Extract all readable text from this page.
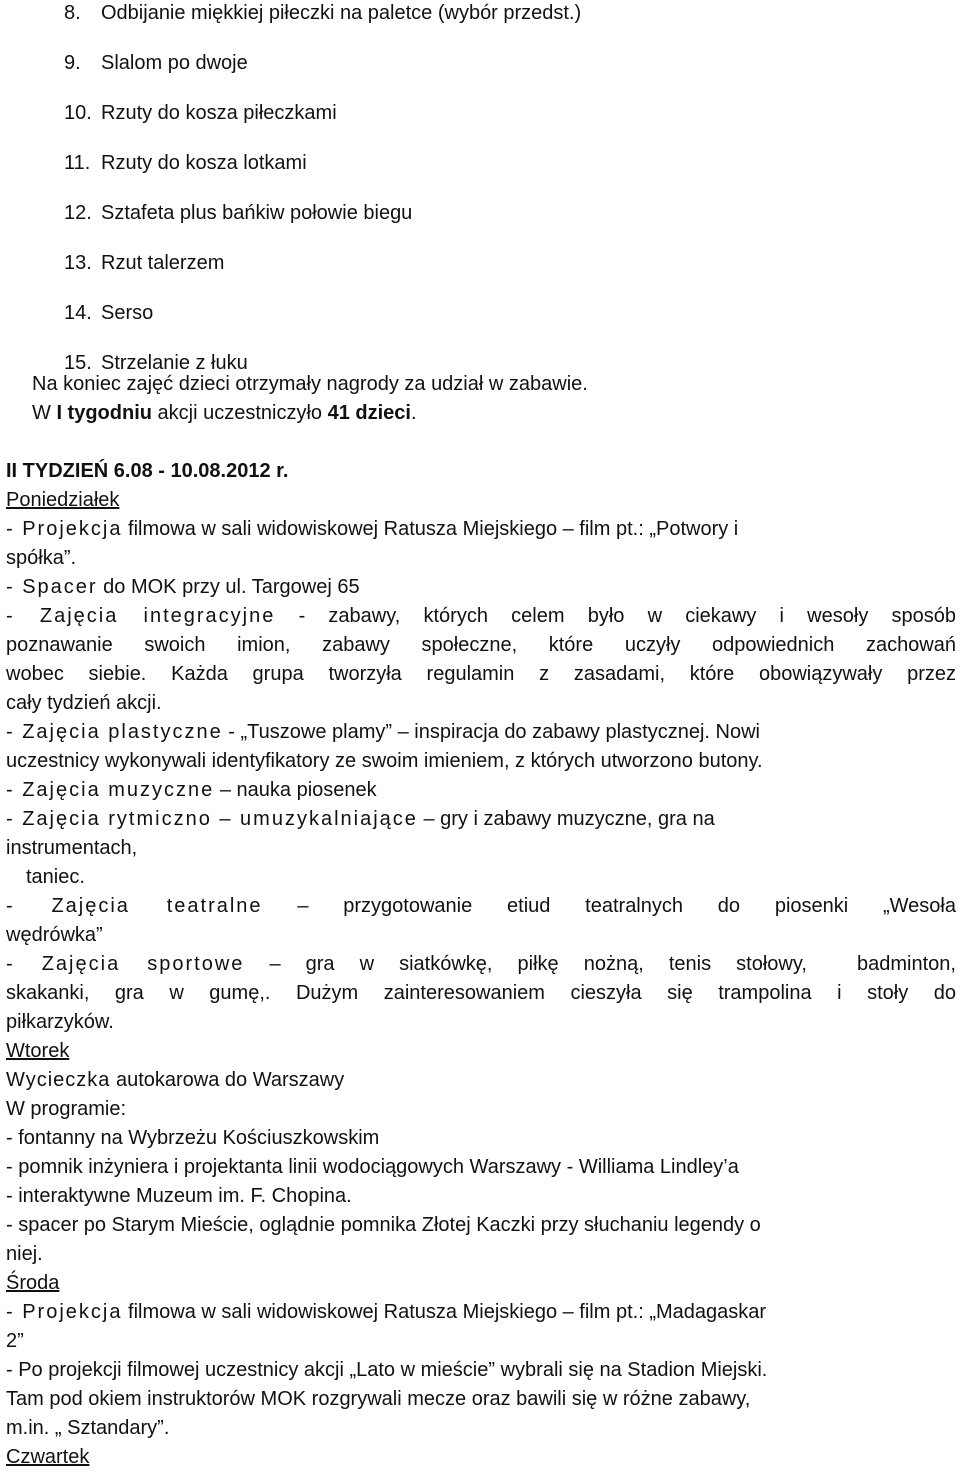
8. Odbijanie miękkiej piłeczki na paletce (wybór przedst.)
9. Slalom po dwoje
10. Rzuty do kosza piłeczkami
11. Rzuty do kosza lotkami
12. Sztafeta plus bańkiw połowie biegu
13. Rzut talerzem
14. Serso
15. Strzelanie z łuku
Na koniec zajęć dzieci otrzymały nagrody za udział w zabawie.
W I tygodniu akcji uczestniczyło 41 dzieci.
II TYDZIEŃ 6.08 - 10.08.2012 r.
Poniedziałek
- Projekcja filmowa w sali widowiskowej Ratusza Miejskiego – film pt.: „Potwory i
spółka”.
- Spacer do MOK przy ul. Targowej 65
- Zajęcia integracyjne - zabawy, których celem było w ciekawy i wesoły sposób
poznawanie swoich imion, zabawy społeczne, które uczyły odpowiednich zachowań
wobec siebie. Każda grupa tworzyła regulamin z zasadami, które obowiązywały przez
cały tydzień akcji.
- Zajęcia plastyczne - „Tuszowe plamy” – inspiracja do zabawy plastycznej. Nowi
uczestnicy wykonywali identyfikatory ze swoim imieniem, z których utworzono butony.
- Zajęcia muzyczne – nauka piosenek
- Zajęcia rytmiczno – umuzykalniające – gry i zabawy muzyczne, gra na
instrumentach,
taniec.
- Zajęcia teatralne – przygotowanie etiud teatralnych do piosenki „Wesoła
wędrówka”
- Zajęcia sportowe – gra w siatkówkę, piłkę nożną, tenis stołowy,  badminton,
skakanki, gra w gumę,. Dużym zainteresowaniem cieszyła się trampolina i stoły do
piłkarzyków.
Wtorek
Wycieczka autokarowa do Warszawy
W programie:
- fontanny na Wybrzeżu Kościuszkowskim
- pomnik inżyniera i projektanta linii wodociągowych Warszawy - Williama Lindley’a
- interaktywne Muzeum im. F. Chopina.
- spacer po Starym Mieście, oglądnie pomnika Złotej Kaczki przy słuchaniu legendy o
niej.
Środa
- Projekcja filmowa w sali widowiskowej Ratusza Miejskiego – film pt.: „Madagaskar
2”
- Po projekcji filmowej uczestnicy akcji „Lato w mieście” wybrali się na Stadion Miejski.
Tam pod okiem instruktorów MOK rozgrywali mecze oraz bawili się w różne zabawy,
m.in. „ Sztandary”.
Czwartek
